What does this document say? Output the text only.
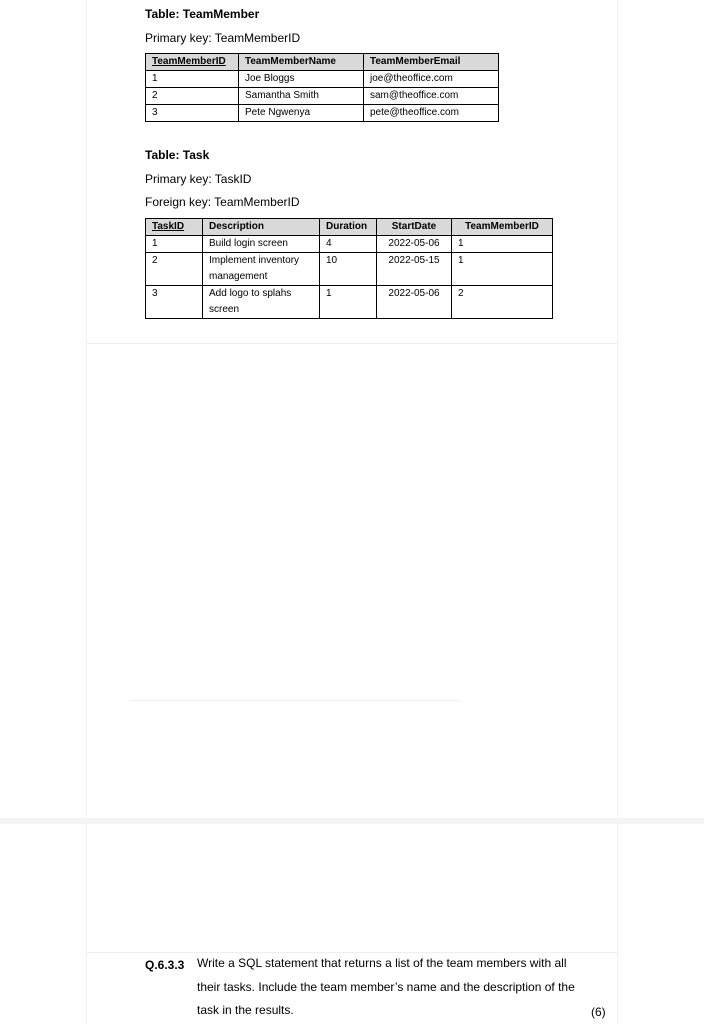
Table: TeamMember
Primary key: TeamMemberID
TeamMemberID	TeamMemberName	TeamMemberEmail
1	Joe Bloggs	joe@theoffice.com
2	Samantha Smith	sam@theoffice.com
3	Pete Ngwenya	pete@theoffice.com
Table: Task
Primary key: TaskID
Foreign key: TeamMemberID
TaskID	Description	Duration	StartDate	TeamMemberID
1	Build login screen	4	2022-05-06	1
2	Implement inventory management	10	2022-05-15	1
3	Add logo to splahs screen	1	2022-05-06	2
Q.6.3.3 Write a SQL statement that returns a list of the team members with all their tasks. Include the team member’s name and the description of the task in the results.	(6)
